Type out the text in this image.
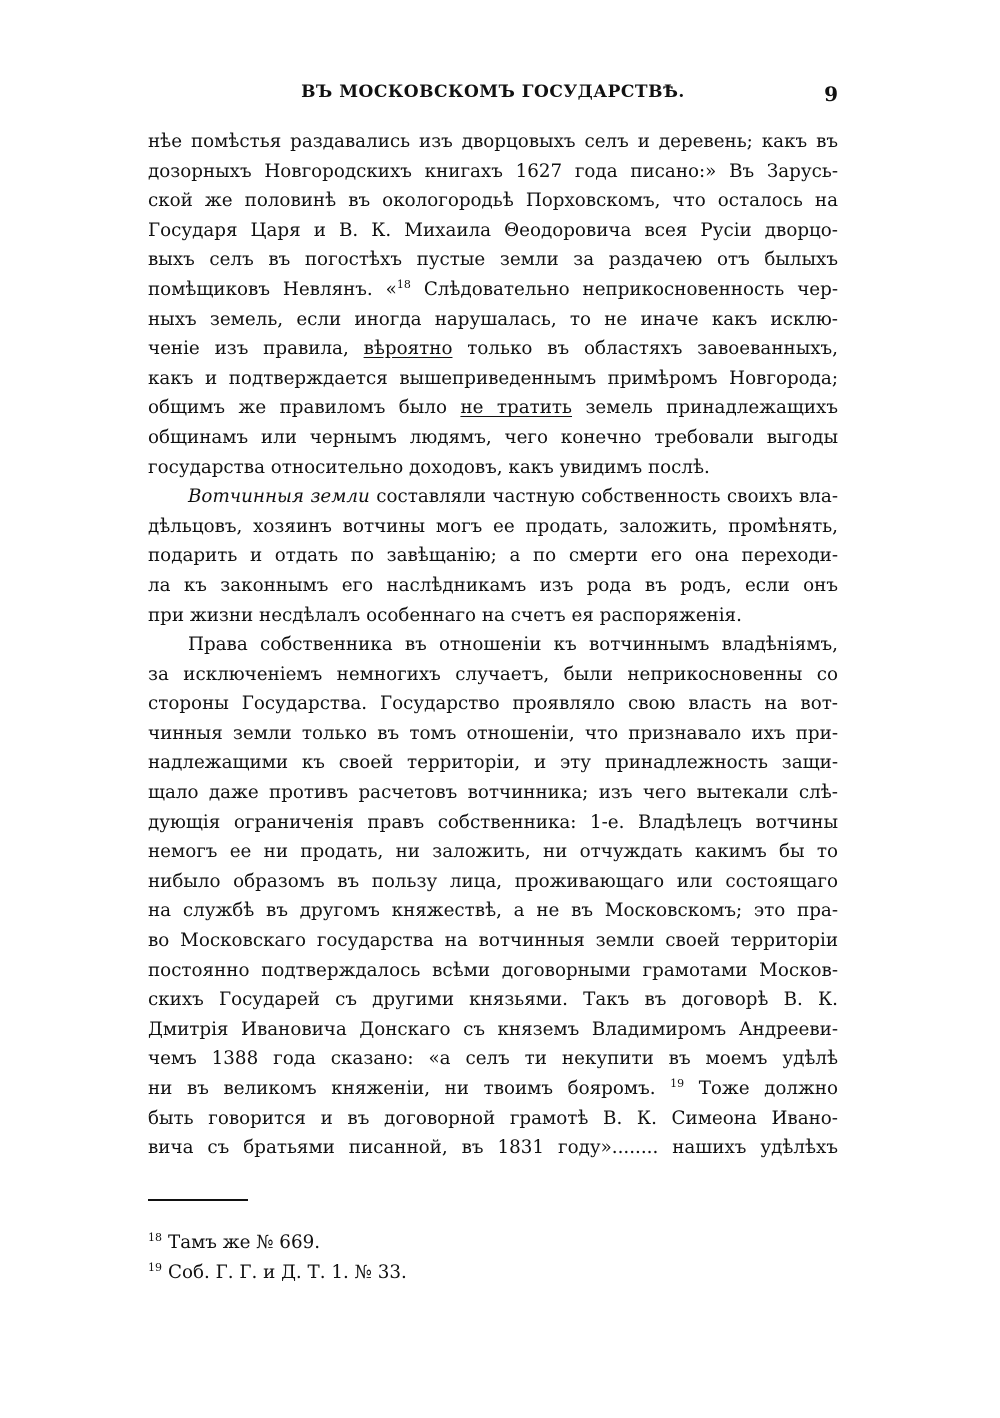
ВЪ МОСКОВСКОМЪ ГОСУДАРСТВѢ.	9
нѣе помѣстья раздавались изъ дворцовыхъ селъ и деревень; какъ въ
дозорныхъ Новгородскихъ книгахъ 1627 года писано:» Въ Зарусь-
ской же половинѣ въ окологородьѣ Порховскомъ, что осталось на
Государя Царя и В. К. Михаила Θеодоровича всея Русіи дворцо-
выхъ селъ въ погостѣхъ пустые земли за раздачею отъ былыхъ
помѣщиковъ Невлянъ. «$^{18}$ Слѣдовательно неприкосновенность чер-
ныхъ земель, если иногда нарушалась, то не иначе какъ исклю-
ченіе изъ правила, вѣроятно только въ областяхъ завоеванныхъ,
какъ и подтверждается вышеприведеннымъ примѣромъ Новгорода;
общимъ же правиломъ было не тратить земель принадлежащихъ
общинамъ или чернымъ людямъ, чего конечно требовали выгоды
государства относительно доходовъ, какъ увидимъ послѣ.
Вотчинныя земли составляли частную собственность своихъ вла-
дѣльцовъ, хозяинъ вотчины могъ ее продать, заложить, промѣнять,
подарить и отдать по завѣщанію; а по смерти его она переходи-
ла къ законнымъ его наслѣдникамъ изъ рода въ родъ, если онъ
при жизни несдѣлалъ особеннаго на счетъ ея распоряженія.
Права собственника въ отношеніи къ вотчиннымъ владѣніямъ,
за исключеніемъ немногихъ случаетъ, были неприкосновенны со
стороны Государства. Государство проявляло свою власть на вот-
чинныя земли только въ томъ отношеніи, что признавало ихъ при-
надлежащими къ своей территоріи, и эту принадлежность защи-
щало даже противъ расчетовъ вотчинника; изъ чего вытекали слѣ-
дующія ограниченія правъ собственника: 1-е. Владѣлецъ вотчины
немогъ ее ни продать, ни заложить, ни отчуждать какимъ бы то
нибыло образомъ въ пользу лица, проживающаго или состоящаго
на службѣ въ другомъ княжествѣ, а не въ Московскомъ; это пра-
во Московскаго государства на вотчинныя земли своей территоріи
постоянно подтверждалось всѣми договорными грамотами Москов-
скихъ Государей съ другими князьями. Такъ въ договорѣ В. К.
Дмитрія Ивановича Донскаго съ княземъ Владимиромъ Андрееви-
чемъ 1388 года сказано: «а селъ ти некупити въ моемъ удѣлѣ
ни въ великомъ княженіи, ни твоимъ бояромъ. $^{19}$ Тоже должно
быть говорится и въ договорной грамотѣ В. К. Симеона Ивано-
вича съ братьями писанной, въ 1831 году»........ нашихъ удѣлѣхъ
$^{18}$ Тамъ же № 669.
$^{19}$ Соб. Г. Г. и Д. Т. 1. № 33.
